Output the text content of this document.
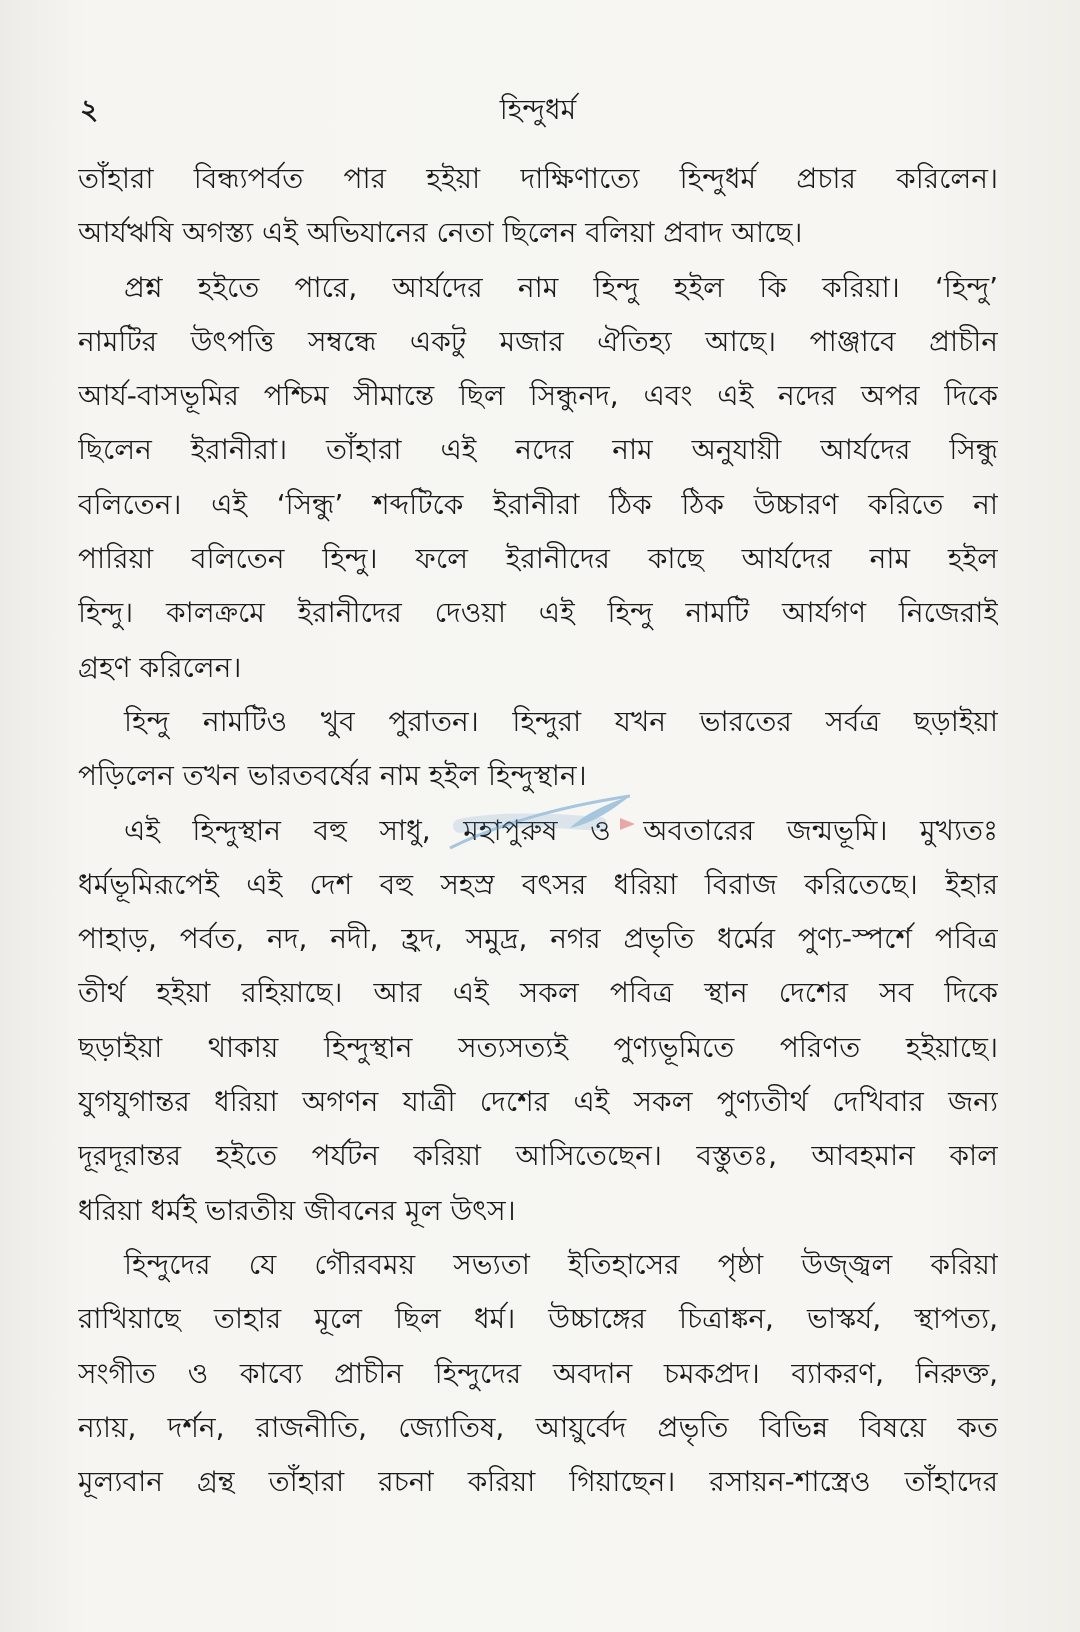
২	হিন্দুধর্ম
তাঁহারা বিন্ধ্যপর্বত পার হইয়া দাক্ষিণাত্যে হিন্দুধর্ম প্রচার করিলেন।
আর্যঋষি অগস্ত্য এই অভিযানের নেতা ছিলেন বলিয়া প্রবাদ আছে।
প্রশ্ন হইতে পারে, আর্যদের নাম হিন্দু হইল কি করিয়া। ‘হিন্দু’
নামটির উৎপত্তি সম্বন্ধে একটু মজার ঐতিহ্য আছে। পাঞ্জাবে প্রাচীন
আর্য-বাসভূমির পশ্চিম সীমান্তে ছিল সিন্ধুনদ, এবং এই নদের অপর দিকে
ছিলেন ইরানীরা। তাঁহারা এই নদের নাম অনুযায়ী আর্যদের সিন্ধু
বলিতেন। এই ‘সিন্ধু’ শব্দটিকে ইরানীরা ঠিক ঠিক উচ্চারণ করিতে না
পারিয়া বলিতেন হিন্দু। ফলে ইরানীদের কাছে আর্যদের নাম হইল
হিন্দু। কালক্রমে ইরানীদের দেওয়া এই হিন্দু নামটি আর্যগণ নিজেরাই
গ্রহণ করিলেন।
হিন্দু নামটিও খুব পুরাতন। হিন্দুরা যখন ভারতের সর্বত্র ছড়াইয়া
পড়িলেন তখন ভারতবর্ষের নাম হইল হিন্দুস্থান।
এই হিন্দুস্থান বহু সাধু, মহাপুরুষ ও অবতারের জন্মভূমি। মুখ্যতঃ
ধর্মভূমিরূপেই এই দেশ বহু সহস্র বৎসর ধরিয়া বিরাজ করিতেছে। ইহার
পাহাড়, পর্বত, নদ, নদী, হ্রদ, সমুদ্র, নগর প্রভৃতি ধর্মের পুণ্য-স্পর্শে পবিত্র
তীর্থ হইয়া রহিয়াছে। আর এই সকল পবিত্র স্থান দেশের সব দিকে
ছড়াইয়া থাকায় হিন্দুস্থান সত্যসত্যই পুণ্যভূমিতে পরিণত হইয়াছে।
যুগযুগান্তর ধরিয়া অগণন যাত্রী দেশের এই সকল পুণ্যতীর্থ দেখিবার জন্য
দূরদূরান্তর হইতে পর্যটন করিয়া আসিতেছেন। বস্তুতঃ, আবহমান কাল
ধরিয়া ধর্মই ভারতীয় জীবনের মূল উৎস।
হিন্দুদের যে গৌরবময় সভ্যতা ইতিহাসের পৃষ্ঠা উজ্জ্বল করিয়া
রাখিয়াছে তাহার মূলে ছিল ধর্ম। উচ্চাঙ্গের চিত্রাঙ্কন, ভাস্কর্য, স্থাপত্য,
সংগীত ও কাব্যে প্রাচীন হিন্দুদের অবদান চমকপ্রদ। ব্যাকরণ, নিরুক্ত,
ন্যায়, দর্শন, রাজনীতি, জ্যোতিষ, আয়ুর্বেদ প্রভৃতি বিভিন্ন বিষয়ে কত
মূল্যবান গ্রন্থ তাঁহারা রচনা করিয়া গিয়াছেন। রসায়ন-শাস্ত্রেও তাঁহাদের
